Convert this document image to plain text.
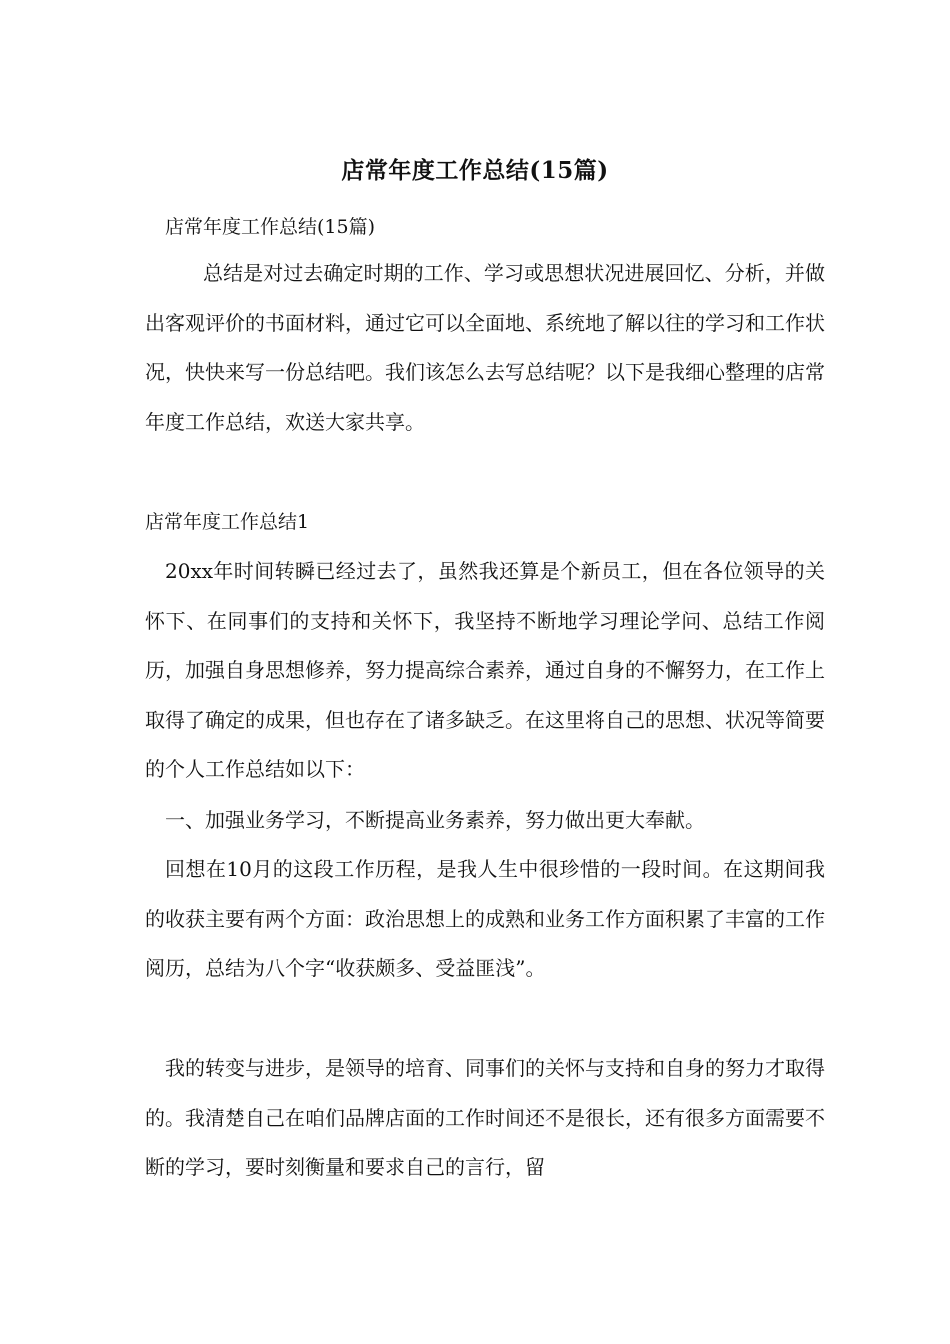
店常年度工作总结(15篇)
店常年度工作总结(15篇)
总结是对过去确定时期的工作、学习或思想状况进展回忆、分析，并做出客观评价的书面材料，通过它可以全面地、系统地了解以往的学习和工作状况，快快来写一份总结吧。我们该怎么去写总结呢？以下是我细心整理的店常年度工作总结，欢送大家共享。
店常年度工作总结1
20xx年时间转瞬已经过去了，虽然我还算是个新员工，但在各位领导的关怀下、在同事们的支持和关怀下，我坚持不断地学习理论学问、总结工作阅历，加强自身思想修养，努力提高综合素养，通过自身的不懈努力，在工作上取得了确定的成果，但也存在了诸多缺乏。在这里将自己的思想、状况等简要的个人工作总结如以下：
一、加强业务学习，不断提高业务素养，努力做出更大奉献。
回想在10月的这段工作历程，是我人生中很珍惜的一段时间。在这期间我的收获主要有两个方面：政治思想上的成熟和业务工作方面积累了丰富的工作阅历，总结为八个字“收获颇多、受益匪浅”。
我的转变与进步，是领导的培育、同事们的关怀与支持和自身的努力才取得的。我清楚自己在咱们品牌店面的工作时间还不是很长，还有很多方面需要不断的学习，要时刻衡量和要求自己的言行，留
